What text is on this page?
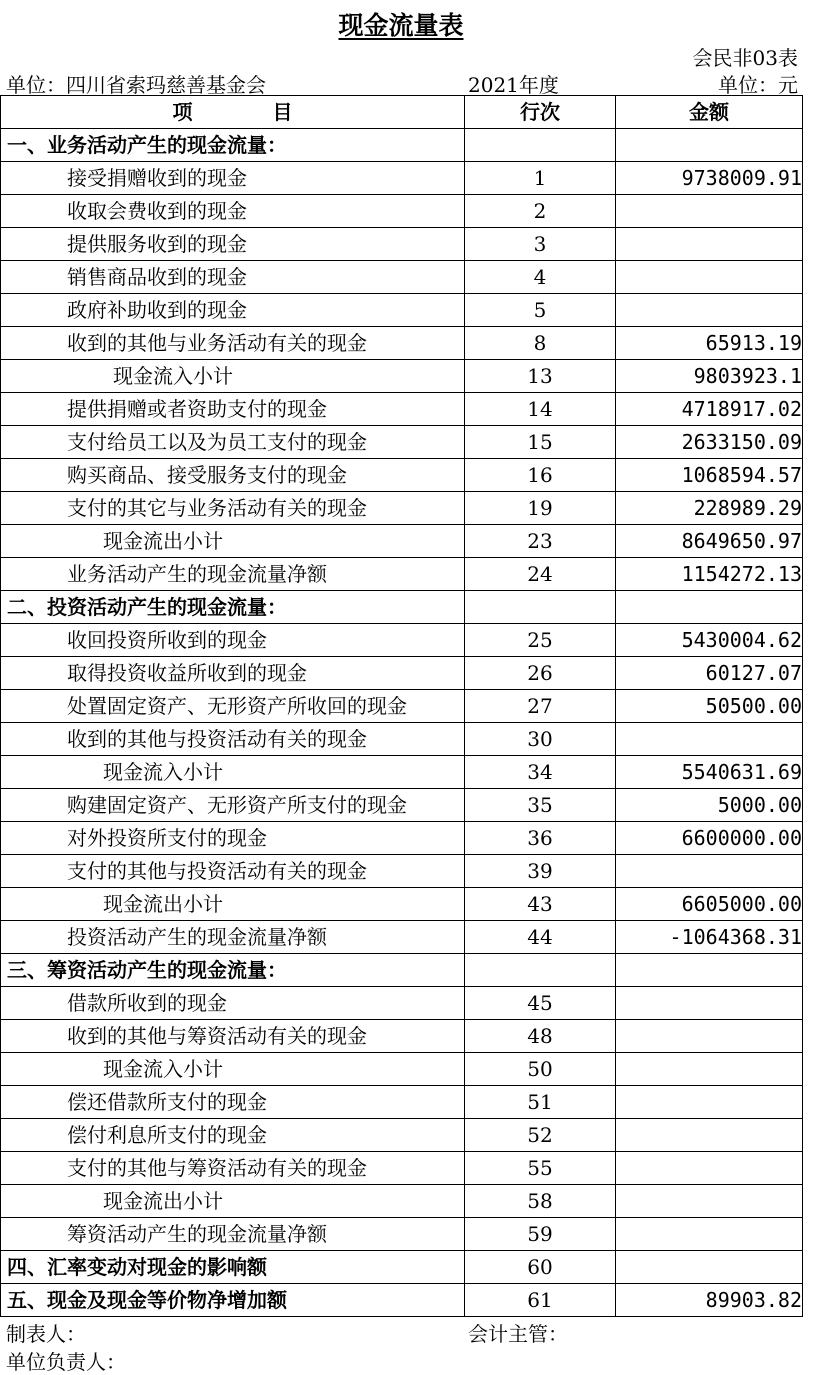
现金流量表
会民非03表
单位：四川省索玛慈善基金会	2021年度	单位：元
项　　　　目	行次	金额
一、业务活动产生的现金流量：		
接受捐赠收到的现金	1	9738009.91
收取会费收到的现金	2	
提供服务收到的现金	3	
销售商品收到的现金	4	
政府补助收到的现金	5	
收到的其他与业务活动有关的现金	8	65913.19
现金流入小计	13	9803923.1
提供捐赠或者资助支付的现金	14	4718917.02
支付给员工以及为员工支付的现金	15	2633150.09
购买商品、接受服务支付的现金	16	1068594.57
支付的其它与业务活动有关的现金	19	228989.29
现金流出小计	23	8649650.97
业务活动产生的现金流量净额	24	1154272.13
二、投资活动产生的现金流量：		
收回投资所收到的现金	25	5430004.62
取得投资收益所收到的现金	26	60127.07
处置固定资产、无形资产所收回的现金	27	50500.00
收到的其他与投资活动有关的现金	30	
现金流入小计	34	5540631.69
购建固定资产、无形资产所支付的现金	35	5000.00
对外投资所支付的现金	36	6600000.00
支付的其他与投资活动有关的现金	39	
现金流出小计	43	6605000.00
投资活动产生的现金流量净额	44	-1064368.31
三、筹资活动产生的现金流量：		
借款所收到的现金	45	
收到的其他与筹资活动有关的现金	48	
现金流入小计	50	
偿还借款所支付的现金	51	
偿付利息所支付的现金	52	
支付的其他与筹资活动有关的现金	55	
现金流出小计	58	
筹资活动产生的现金流量净额	59	
四、汇率变动对现金的影响额	60	
五、现金及现金等价物净增加额	61	89903.82
制表人：	会计主管：
单位负责人：
